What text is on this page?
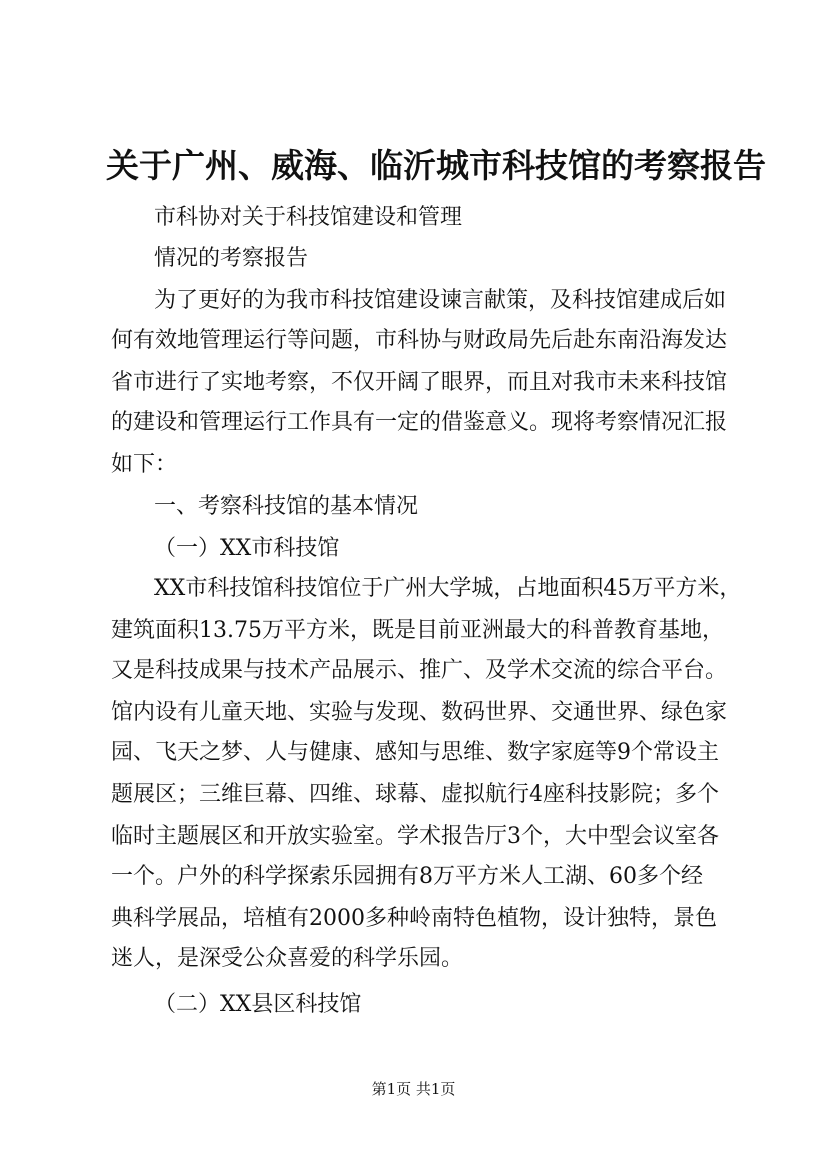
关于广州、威海、临沂城市科技馆的考察报告
市科协对关于科技馆建设和管理
情况的考察报告
为了更好的为我市科技馆建设谏言献策，及科技馆建成后如
何有效地管理运行等问题，市科协与财政局先后赴东南沿海发达
省市进行了实地考察，不仅开阔了眼界，而且对我市未来科技馆
的建设和管理运行工作具有一定的借鉴意义。现将考察情况汇报
如下：
一、考察科技馆的基本情况
（一）XX市科技馆
XX市科技馆科技馆位于广州大学城，占地面积45万平方米，
建筑面积13.75万平方米，既是目前亚洲最大的科普教育基地，
又是科技成果与技术产品展示、推广、及学术交流的综合平台。
馆内设有儿童天地、实验与发现、数码世界、交通世界、绿色家
园、飞天之梦、人与健康、感知与思维、数字家庭等9个常设主
题展区；三维巨幕、四维、球幕、虚拟航行4座科技影院；多个
临时主题展区和开放实验室。学术报告厅3个，大中型会议室各
一个。户外的科学探索乐园拥有8万平方米人工湖、60多个经
典科学展品，培植有2000多种岭南特色植物，设计独特，景色
迷人，是深受公众喜爱的科学乐园。
（二）XX县区科技馆
第1页 共1页
